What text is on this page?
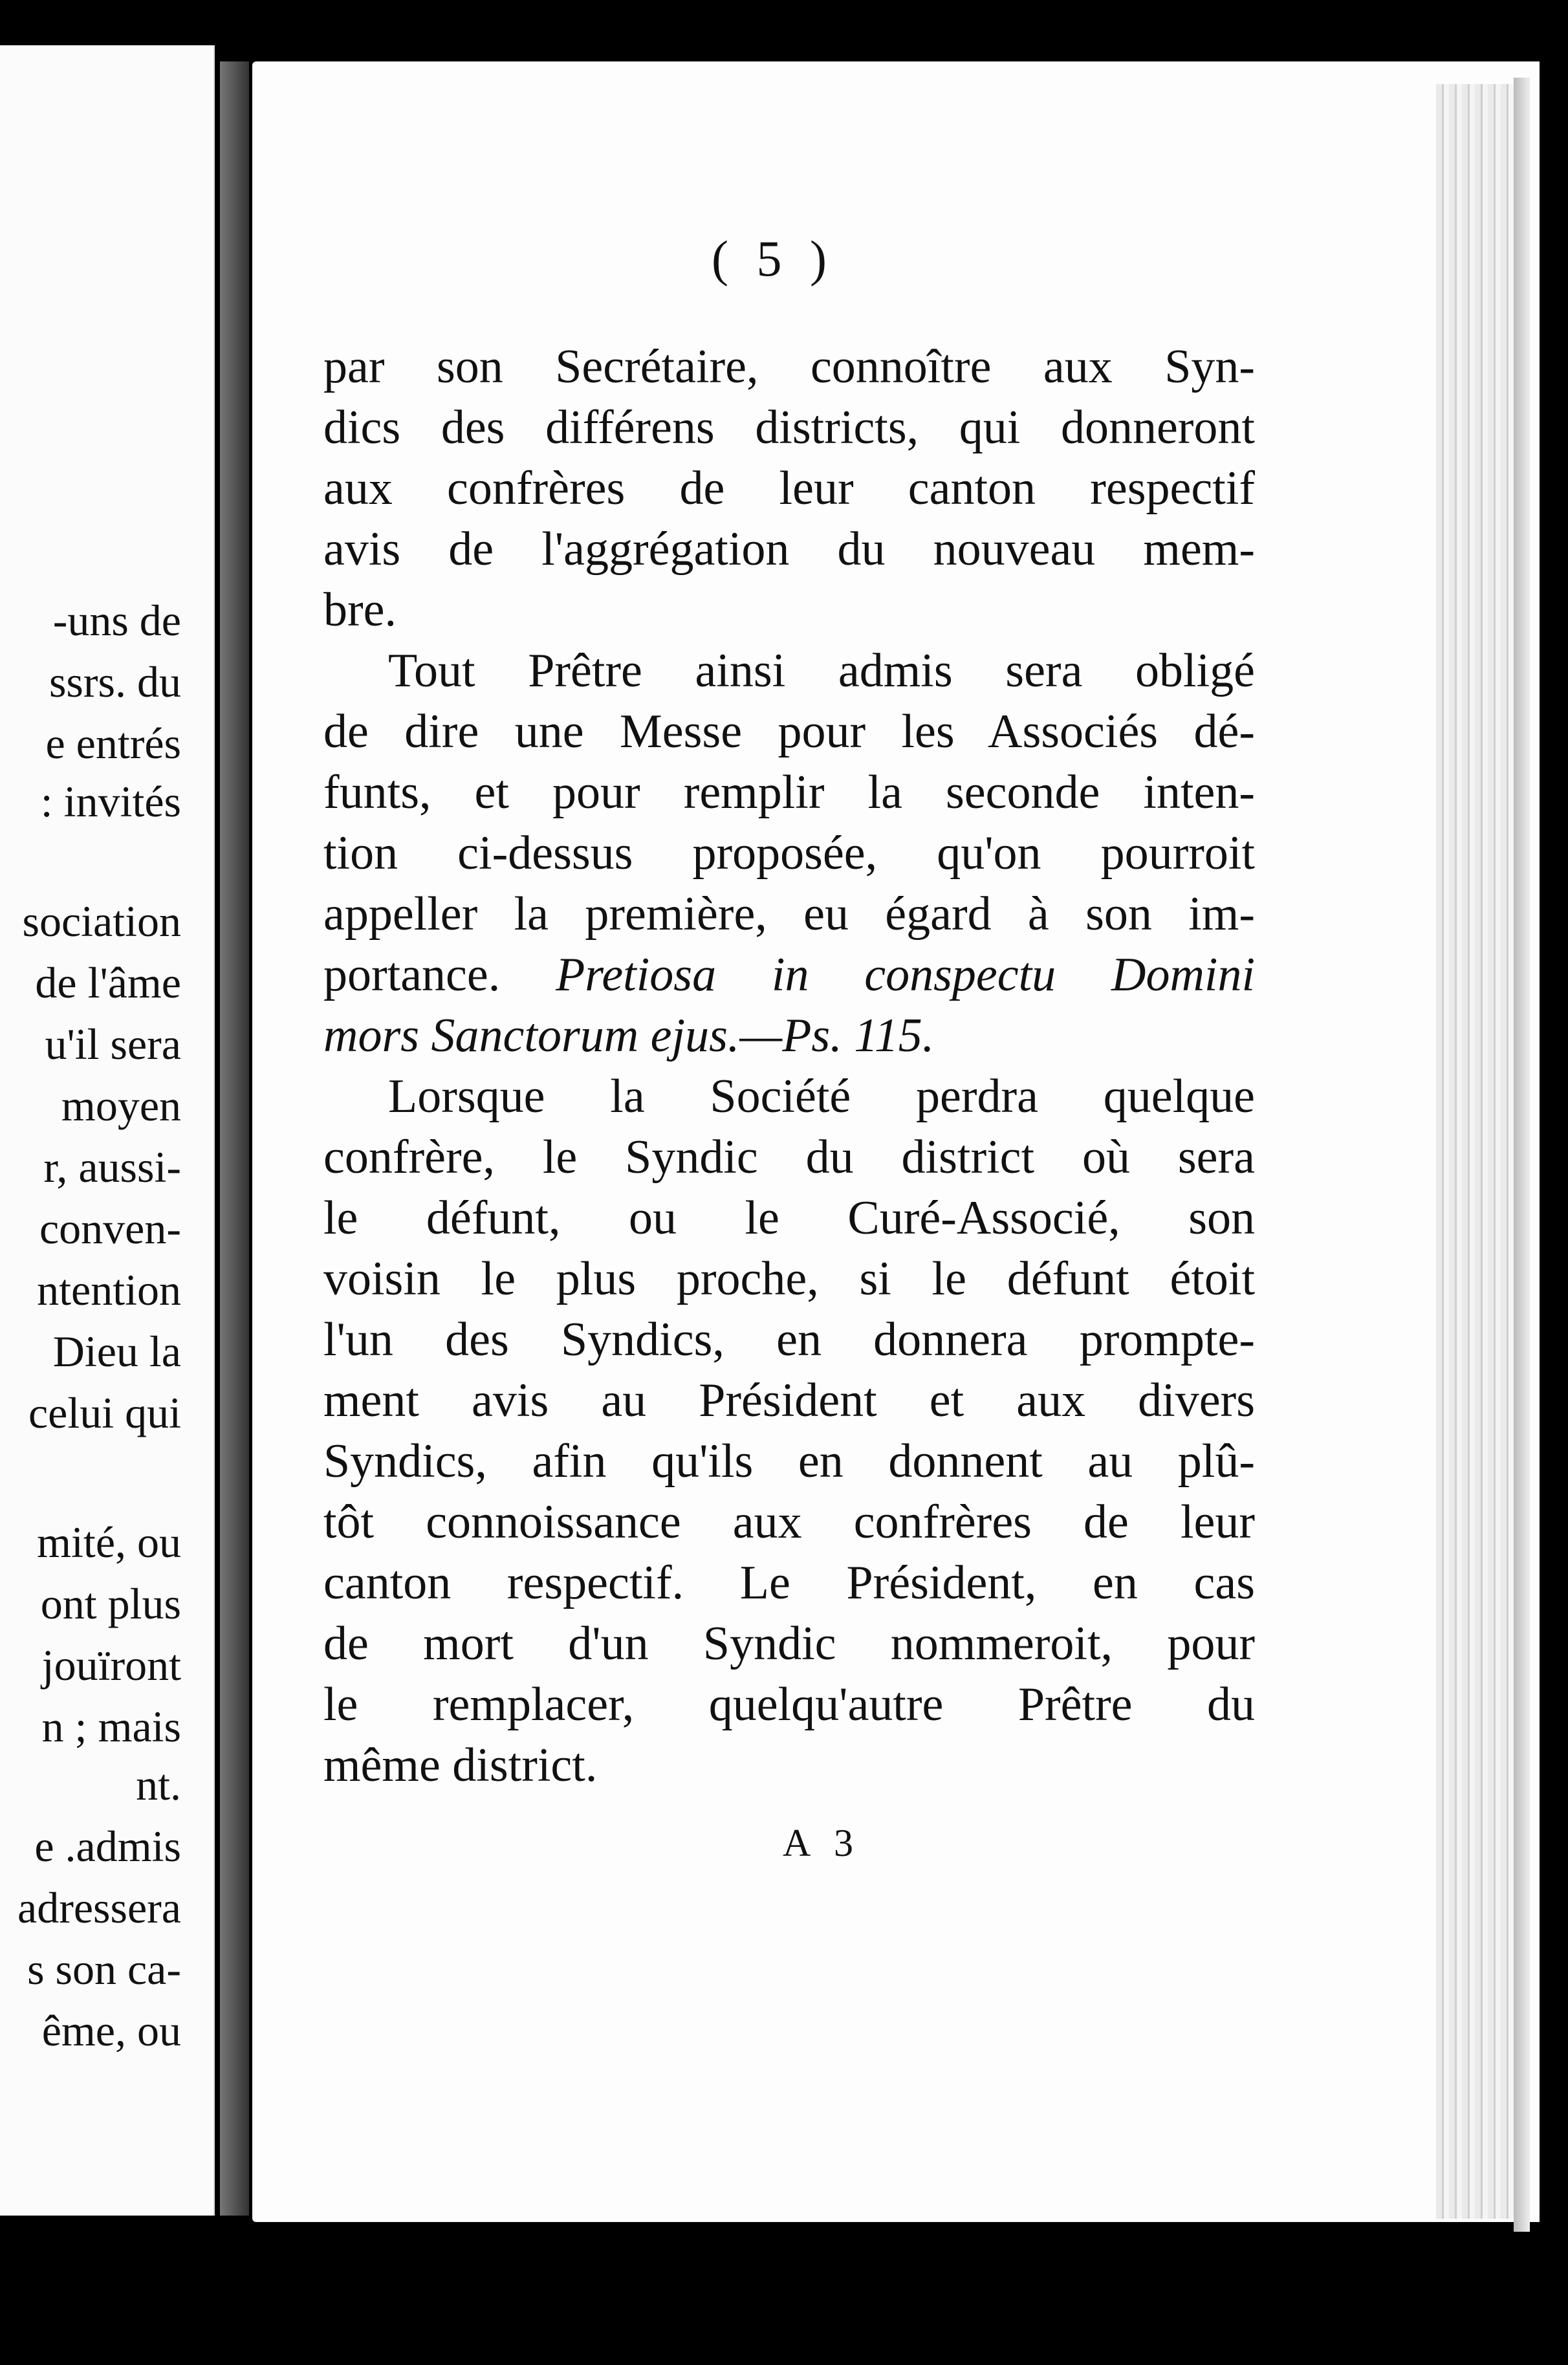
-uns de

ssrs. du

e entrés

: invités

sociation

de l'âme

u'il sera

moyen

r, aussi-

conven-

ntention

Dieu la

celui qui

mité, ou

ont plus

jouïront

n ; mais

nt.

e .admis

adressera

s son ca-

ême, ou

( 5 )

par son Secrétaire, connoître aux Syn-

dics des différens districts, qui donneront

aux confrères de leur canton respectif

avis de l'aggrégation du nouveau mem-

bre.

Tout Prêtre ainsi admis sera obligé

de dire une Messe pour les Associés dé-

funts, et pour remplir la seconde inten-

tion ci-dessus proposée, qu'on pourroit

appeller la première, eu égard à son im-

portance. Pretiosa in conspectu Domini

mors Sanctorum ejus.—Ps. 115.

Lorsque la Société perdra quelque

confrère, le Syndic du district où sera

le défunt, ou le Curé-Associé, son

voisin le plus proche, si le défunt étoit

l'un des Syndics, en donnera prompte-

ment avis au Président et aux divers

Syndics, afin qu'ils en donnent au plû-

tôt connoissance aux confrères de leur

canton respectif. Le Président, en cas

de mort d'un Syndic nommeroit, pour

le remplacer, quelqu'autre Prêtre du

même district.

A 3
